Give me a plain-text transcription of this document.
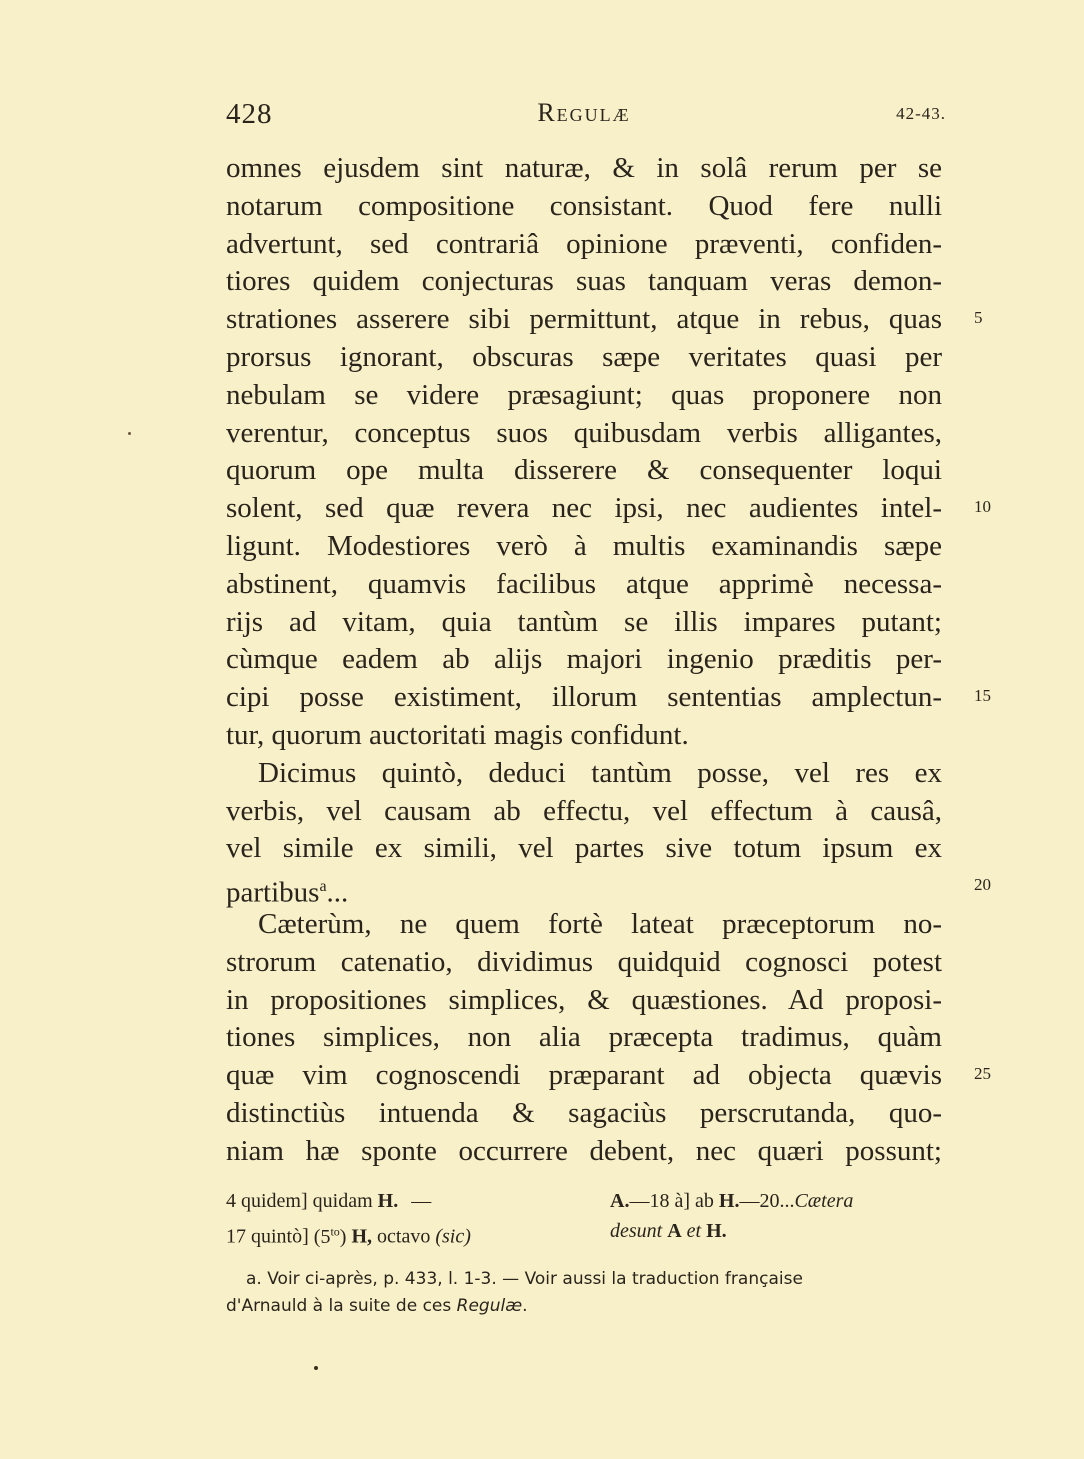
428	Regulæ	42-43.
omnes ejusdem sint naturæ, & in solâ rerum per se
notarum compositione consistant. Quod fere nulli
advertunt, sed contrariâ opinione præventi, confiden-
tiores quidem conjecturas suas tanquam veras demon-
strationes asserere sibi permittunt, atque in rebus, quas
prorsus ignorant, obscuras sæpe veritates quasi per
nebulam se videre præsagiunt; quas proponere non
verentur, conceptus suos quibusdam verbis alligantes,
quorum ope multa disserere & consequenter loqui
solent, sed quæ revera nec ipsi, nec audientes intel-
ligunt. Modestiores verò à multis examinandis sæpe
abstinent, quamvis facilibus atque apprimè necessa-
rijs ad vitam, quia tantùm se illis impares putant;
cùmque eadem ab alijs majori ingenio præditis per-
cipi posse existiment, illorum sententias amplectun-
tur, quorum auctoritati magis confidunt.
Dicimus quintò, deduci tantùm posse, vel res ex
verbis, vel causam ab effectu, vel effectum à causâ,
vel simile ex simili, vel partes sive totum ipsum ex
partibus$^a$...
Cæterùm, ne quem fortè lateat præceptorum no-
strorum catenatio, dividimus quidquid cognosci potest
in propositiones simplices, & quæstiones. Ad proposi-
tiones simplices, non alia præcepta tradimus, quàm
quæ vim cognoscendi præparant ad objecta quævis
distinctiùs intuenda & sagaciùs perscrutanda, quo-
niam hæ sponte occurrere debent, nec quæri possunt;
5
10
15
20
25
4 quidem] quidam H. —	A.—18 à] ab H.—20...Cætera
17 quintò] $(5^{to})$ H, octavo (sic)	desunt A et H.
a. Voir ci-après, p. 433, l. 1-3. — Voir aussi la traduction française
d'Arnauld à la suite de ces Regulæ.
